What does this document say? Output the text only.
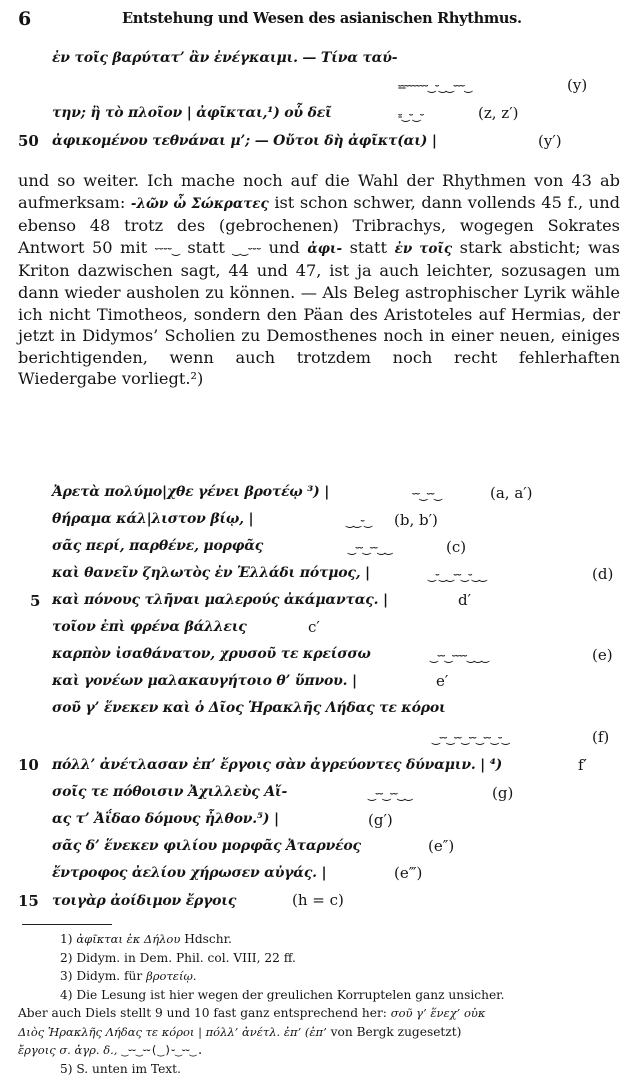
6	Entstehung und Wesen des asianischen Rhythmus.
ἐν τοῖς βαρύτατ’ ἂν ἐνέγκαιμι. — Τίνα ταύ-
⏓⏓⏑⏑⏑⏑⏑⏑‿⏑‿‿⏑⏑⏑‿	(y)
την; ἢ τὸ πλοῖον | ἀφῖκται,¹) οὗ δεῖ	⏓‿⏑‿⏑	(z, z′)
50 ἀφικομένου τεθνάναι μ’; — Οὔτοι δὴ ἀφῖκτ(αι) |	(y′)

und so weiter. Ich mache noch auf die Wahl der Rhythmen von 43 ab aufmerksam: -λῶν ὦ Σώκρατες ist schon schwer, dann vollends 45 f., und ebenso 48 trotz des (gebrochenen) Tribrachys, wogegen Sokrates Antwort 50 mit ⏑⏑⏑⏑‿ statt ‿‿⏑⏑⏑ und ἀφι- statt ἐν τοῖς stark absticht; was Kriton dazwischen sagt, 44 und 47, ist ja auch leichter, sozusagen um dann wieder ausholen zu können. — Als Beleg astrophischer Lyrik wähle ich nicht Timotheos, sondern den Päan des Aristoteles auf Hermias, der jetzt in Didymos’ Scholien zu Demosthenes noch in einer neuen, einiges berichtigenden, wenn auch trotzdem noch recht fehlerhaften Wiedergabe vorliegt.²)

Ἀρετὰ πολύμο|χθε γένει βροτέῳ ³) |	⏑⏑‿⏑⏑‿	(a, a′)
θήραμα κάλ|λιστον βίῳ, |	‿‿⏑‿ (b, b′)
σᾶς περί, παρθένε, μορφᾶς	‿⏑⏑‿⏑⏑‿‿	(c)
καὶ θανεῖν ζηλωτὸς ἐν Ἑλλάδι πότμος, |	‿⏑‿‿⏑⏑‿⏑‿‿	(d)
5 καὶ πόνους τλῆναι μαλερούς ἀκάμαντας. |	d′
τοῖον ἐπὶ φρένα βάλλεις	c′
καρπὸν ἰσαθάνατον, χρυσοῦ τε κρείσσω	‿⏑⏑‿⏑⏑⏑⏑‿‿‿	(e)
καὶ γονέων μαλακαυγήτοιο θ’ ὕπνου. |	e′
σοῦ γ’ ἕνεκεν καὶ ὁ Δῖος Ἡρακλῆς Λήδας τε κόροι
‿⏑⏑‿⏑⏑‿⏑⏑‿⏑⏑‿⏑‿	(f)
10 πόλλ’ ἀνέτλασαν ἐπ’ ἔργοις σὰν ἀγρεύοντες δύναμιν. | ⁴)	f′
σοῖς τε πόθοισιν Ἀχιλλεὺς Αἴ-	‿⏑⏑‿⏑⏑‿‿	(g)
ας τ’ Ἀΐδαο δόμους ἦλθον.⁵) |	(g′)
σᾶς δ’ ἕνεκεν φιλίου μορφᾶς Ἀταρνέος	(e″)
ἔντροφος ἀελίου χήρωσεν αὐγάς. |	(e‴)
15 τοιγὰρ ἀοίδιμον ἔργοις	(h = c)
1) ἀφῖκται ἐκ Δήλου Hdschr.
2) Didym. in Dem. Phil. col. VIII, 22 ff.
3) Didym. für βροτείῳ.
4) Die Lesung ist hier wegen der greulichen Korruptelen ganz unsicher.
Aber auch Diels stellt 9 und 10 fast ganz entsprechend her: σοῦ γ’ ἕνεχ’ οὐκ
Διὸς Ἡρακλῆς Λήδας τε κόροι | πόλλ’ ἀνέτλ. ἐπ’ (ἐπ’ von Bergk zugesetzt)
ἔργοις σ. ἀγρ. δ., ‿⏑⏑‿⏑⏑(‿)⏑‿⏑⏑‿.
5) S. unten im Text.
